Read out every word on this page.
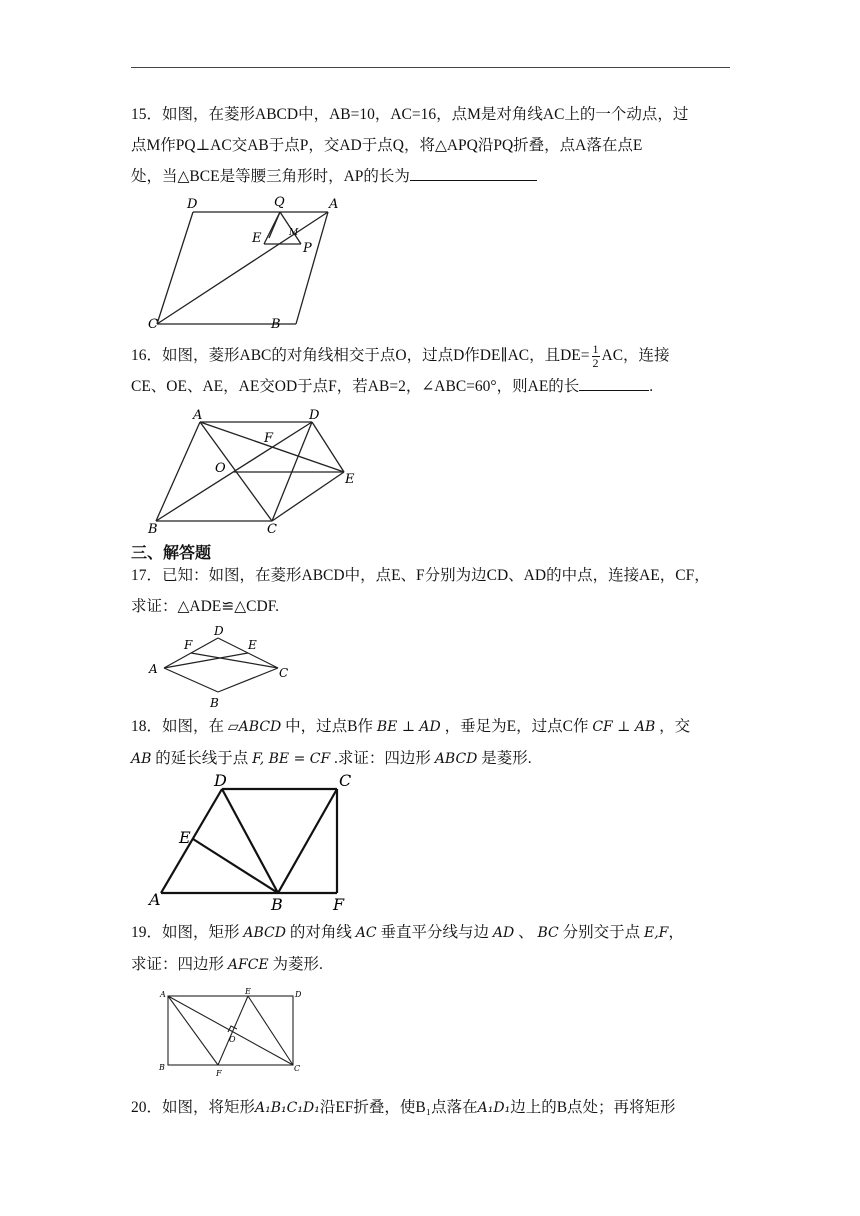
15．如图，在菱形ABCD中，AB=10，AC=16，点M是对角线AC上的一个动点，过
点M作PQ⊥AC交AB于点P，交AD于点Q，将△APQ沿PQ折叠，点A落在点E
处，当△BCE是等腰三角形时，AP的长为
D	Q	A
E	M
P
C	B
16．如图，菱形ABC的对角线相交于点O，过点D作DE∥AC，且$DE= \frac{1}{2}$ AC，连接
CE、OE、AE，AE交OD于点F，若AB=2，∠ABC=60°，则AE的长	.
A	D
F
O
E
B	C
三、解答题
17．已知：如图，在菱形ABCD中，点E、F分别为边CD、AD的中点，连接AE，CF，
求证：△ADE≌△CDF.
D
F	E
A	C
B
18．如图，在 ▱ABCD 中，过点B作 BE ⊥ AD ，垂足为E，过点C作 CF ⊥ AB ，交
AB 的延长线于点 F, BE = CF .求证：四边形 ABCD 是菱形.
D	C
E
A	B	F
19．如图，矩形 ABCD 的对角线 AC 垂直平分线与边 AD 、 BC 分别交于点 E,F，
求证：四边形 AFCE 为菱形.
A	E	D
O
B
F
C
20．如图，将矩形A₁B₁C₁D₁沿EF折叠，使B₁点落在A₁D₁边上的B点处；再将矩形
